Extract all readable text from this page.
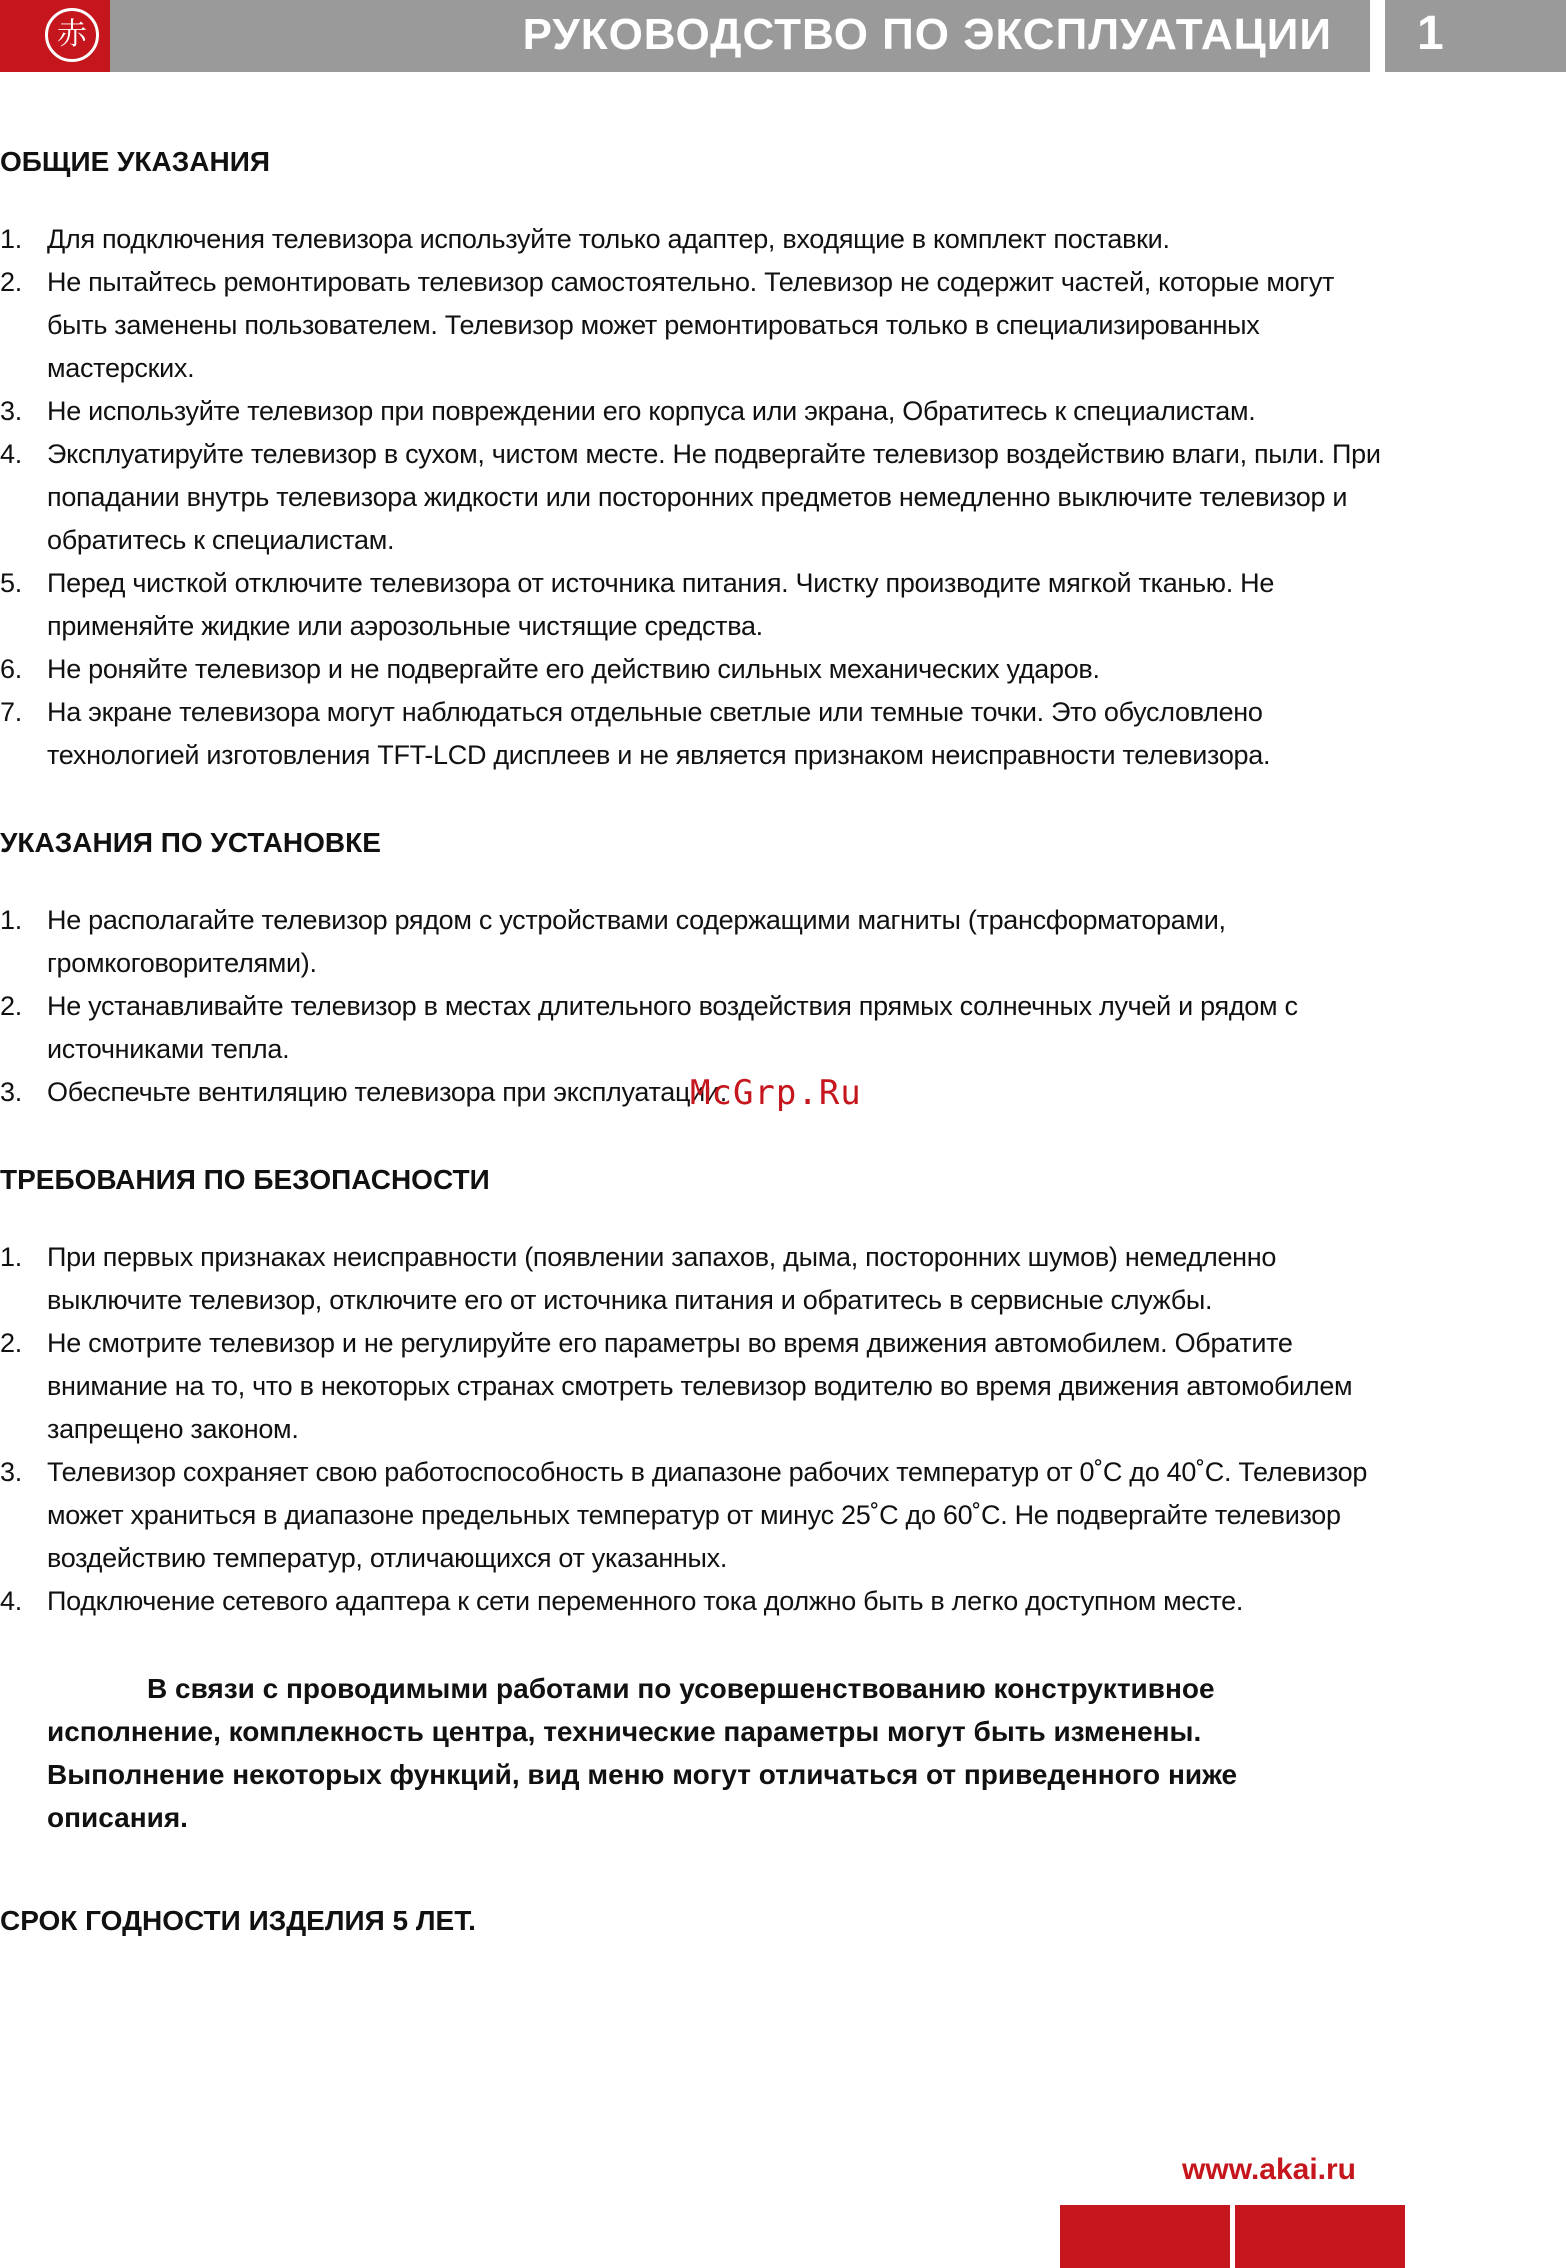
赤	РУКОВОДСТВО ПО ЭКСПЛУАТАЦИИ 1
ОБЩИЕ УКАЗАНИЯ
1. Для подключения телевизора используйте только адаптер, входящие в комплект поставки.
2. Не пытайтесь ремонтировать телевизор самостоятельно. Телевизор не содержит частей, которые могут быть заменены пользователем. Телевизор может ремонтироваться только в специализированных мастерских.
3. Не используйте телевизор при повреждении его корпуса или экрана, Обратитесь к специалистам.
4. Эксплуатируйте телевизор в сухом, чистом месте. Не подвергайте телевизор воздействию влаги, пыли. При попадании внутрь телевизора жидкости или посторонних предметов немедленно выключите телевизор и обратитесь к специалистам.
5. Перед чисткой отключите телевизора от источника питания. Чистку производите мягкой тканью. Не применяйте жидкие или аэрозольные чистящие средства.
6. Не роняйте телевизор и не подвергайте его действию сильных механических ударов.
7. На экране телевизора могут наблюдаться отдельные светлые или темные точки. Это обусловлено технологией изготовления TFT-LCD дисплеев и не является признаком неисправности телевизора.
УКАЗАНИЯ ПО УСТАНОВКЕ
1. Не располагайте телевизор рядом с устройствами содержащими магниты (трансформаторами, громкоговорителями).
2. Не устанавливайте телевизор в местах длительного воздействия прямых солнечных лучей и рядом с источниками тепла.
3. Обеспечьте вентиляцию телевизора при эксплуатации.
ТРЕБОВАНИЯ ПО БЕЗОПАСНОСТИ
1. При первых признаках неисправности (появлении запахов, дыма, посторонних шумов) немедленно выключите телевизор, отключите его от источника питания и обратитесь в сервисные службы.
2. Не смотрите телевизор и не регулируйте его параметры во время движения автомобилем. Обратите внимание на то, что в некоторых странах смотреть телевизор водителю во время движения автомобилем запрещено законом.
3. Телевизор сохраняет свою работоспособность в диапазоне рабочих температур от 0˚С до 40˚С. Телевизор может храниться в диапазоне предельных температур от минус 25˚С до 60˚С. Не подвергайте телевизор воздействию температур, отличающихся от указанных.
4. Подключение сетевого адаптера к сети переменного тока должно быть в легко доступном месте.
В связи с проводимыми работами по усовершенствованию конструктивное исполнение, комплекность центра, технические параметры могут быть изменены. Выполнение некоторых функций, вид меню могут отличаться от приведенного ниже описания.
СРОК ГОДНОСТИ ИЗДЕЛИЯ 5 ЛЕТ.
McGrp.Ru
www.akai.ru
